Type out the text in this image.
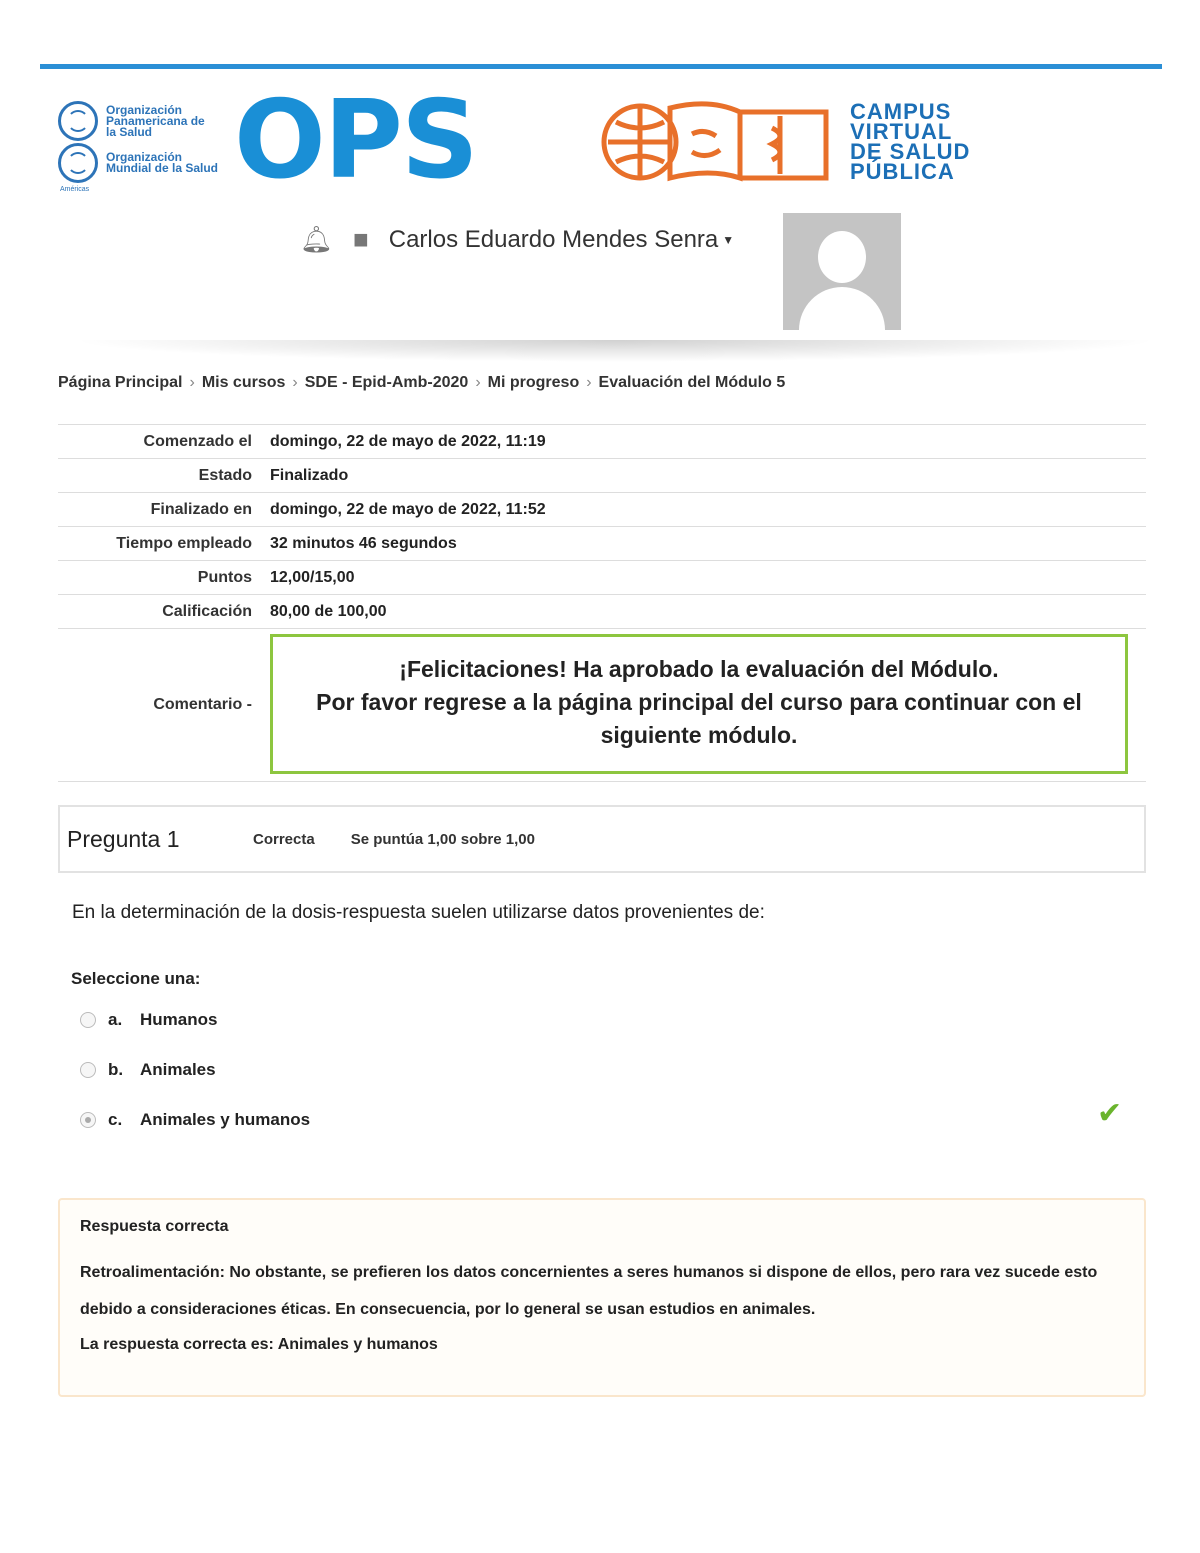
Organización Panamericana de la Salud
Organización Mundial de la Salud
Américas	OPS	CAMPUS
VIRTUAL
DE SALUD
PÚBLICA
🔔︎ ■ Carlos Eduardo Mendes Senra ▼
Página Principal › Mis cursos › SDE - Epid-Amb-2020 › Mi progreso › Evaluación del Módulo 5
Comenzado el	domingo, 22 de mayo de 2022, 11:19
Estado	Finalizado
Finalizado en	domingo, 22 de mayo de 2022, 11:52
Tiempo empleado	32 minutos 46 segundos
Puntos	12,00/15,00
Calificación	80,00 de 100,00
Comentario -	¡Felicitaciones! Ha aprobado la evaluación del Módulo.
Por favor regrese a la página principal del curso para continuar con el siguiente módulo.
Pregunta 1	Correcta Se puntúa 1,00 sobre 1,00
En la determinación de la dosis-respuesta suelen utilizarse datos provenientes de:
Seleccione una:
a.	Humanos
b. Animales
c.	Animales y humanos	✔
Respuesta correcta
Retroalimentación: No obstante, se prefieren los datos concernientes a seres humanos si dispone de ellos, pero rara vez sucede esto debido a consideraciones éticas. En consecuencia, por lo general se usan estudios en animales.
La respuesta correcta es: Animales y humanos
